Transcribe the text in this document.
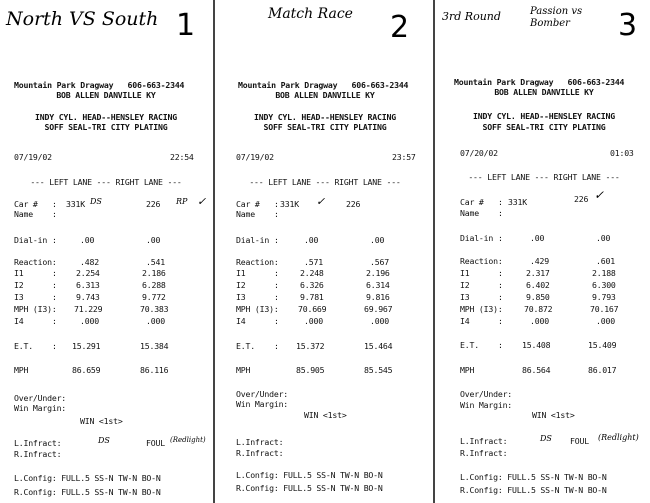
North VS South 1
Mountain Park Dragway 606-663-2344
BOB ALLEN DANVILLE KY
INDY CYL. HEAD--HENSLEY RACING
SOFF SEAL-TRI CITY PLATING
07/19/02	22:54
--- LEFT LANE --- RIGHT LANE ---
Car # : 331K	226
Name :
Dial-in :	.00	.00
Reaction:	.482	.541
I1	: 2.254	2.186
I2	: 6.313	6.288
I3	: 9.743	9.772
MPH (I3): 71.229	70.383
I4	:	.000	.000
E.T. : 15.291	15.384
MPH	86.659	86.116
Over/Under:
Win Margin:
WIN <1st>
L.Infract:
R.Infract:
L.Config: FULL.5 SS-N TW-N BO-N
R.Config: FULL.5 SS-N TW-N BO-N
DS	RP ✓
DS	FOUL (Redlight)
Match Race 2
Mountain Park Dragway 606-663-2344
BOB ALLEN DANVILLE KY
INDY CYL. HEAD--HENSLEY RACING
SOFF SEAL-TRI CITY PLATING
07/19/02	23:57
--- LEFT LANE --- RIGHT LANE ---
Car # : 331K	226
✓
Name :
Dial-in :	.00	.00
Reaction:	.571	.567
I1	:	2.248	2.196
I2	:	6.326	6.314
I3	:	9.781	9.816
MPH (I3): 70.669	69.967
I4	:	.000	.000
E.T. : 15.372	15.464
MPH	85.905	85.545
Over/Under:
Win Margin:
WIN <1st>
L.Infract:
R.Infract:
L.Config: FULL.5 SS-N TW-N BO-N
R.Config: FULL.5 SS-N TW-N BO-N
3rd Round	Passion vs Bomber	3
Mountain Park Dragway 606-663-2344
BOB ALLEN DANVILLE KY
INDY CYL. HEAD--HENSLEY RACING
SOFF SEAL-TRI CITY PLATING
07/20/02	01:03
--- LEFT LANE --- RIGHT LANE ---
Car # : 331K	226 ✓
Name :
Dial-in :	.00	.00
Reaction:	.429	.601
I1	:	2.317	2.188
I2	:	6.402	6.300
I3	:	9.850	9.793
MPH (I3):	70.872	70.167
I4	:	.000	.000
E.T. : 15.408	15.409
MPH	86.564	86.017
Over/Under:
Win Margin:
WIN <1st>
L.Infract:
R.Infract:
L.Config: FULL.5 SS-N TW-N BO-N
R.Config: FULL.5 SS-N TW-N BO-N
DS FOUL (Redlight)
